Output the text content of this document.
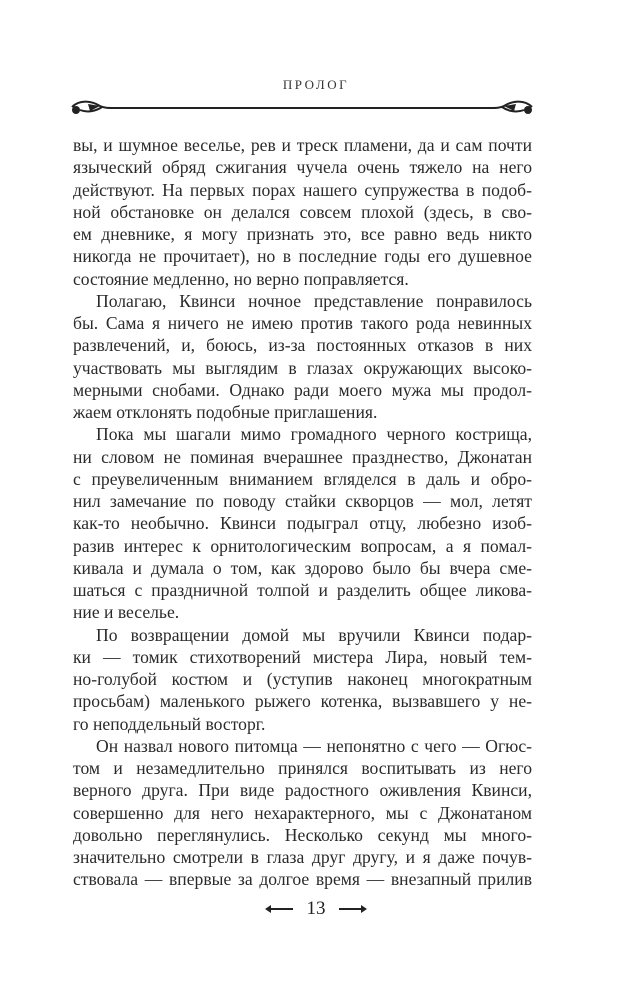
ПРОЛОГ
вы, и шумное веселье, рев и треск пламени, да и сам почти
языческий обряд сжигания чучела очень тяжело на него
действуют. На первых порах нашего супружества в подоб-
ной обстановке он делался совсем плохой (здесь, в сво-
ем дневнике, я могу признать это, все равно ведь никто
никогда не прочитает), но в последние годы его душевное
состояние медленно, но верно поправляется.
Полагаю, Квинси ночное представление понравилось
бы. Сама я ничего не имею против такого рода невинных
развлечений, и, боюсь, из-за постоянных отказов в них
участвовать мы выглядим в глазах окружающих высоко-
мерными снобами. Однако ради моего мужа мы продол-
жаем отклонять подобные приглашения.
Пока мы шагали мимо громадного черного кострища,
ни словом не поминая вчерашнее празднество, Джонатан
с преувеличенным вниманием вгляделся в даль и обро-
нил замечание по поводу стайки скворцов — мол, летят
как-то необычно. Квинси подыграл отцу, любезно изоб-
разив интерес к орнитологическим вопросам, а я помал-
кивала и думала о том, как здорово было бы вчера сме-
шаться с праздничной толпой и разделить общее ликова-
ние и веселье.
По возвращении домой мы вручили Квинси подар-
ки — томик стихотворений мистера Лира, новый тем-
но-голубой костюм и (уступив наконец многократным
просьбам) маленького рыжего котенка, вызвавшего у не-
го неподдельный восторг.
Он назвал нового питомца — непонятно с чего — Огюс-
том и незамедлительно принялся воспитывать из него
верного друга. При виде радостного оживления Квинси,
совершенно для него нехарактерного, мы с Джонатаном
довольно переглянулись. Несколько секунд мы много-
значительно смотрели в глаза друг другу, и я даже почув-
ствовала — впервые за долгое время — внезапный прилив
13
